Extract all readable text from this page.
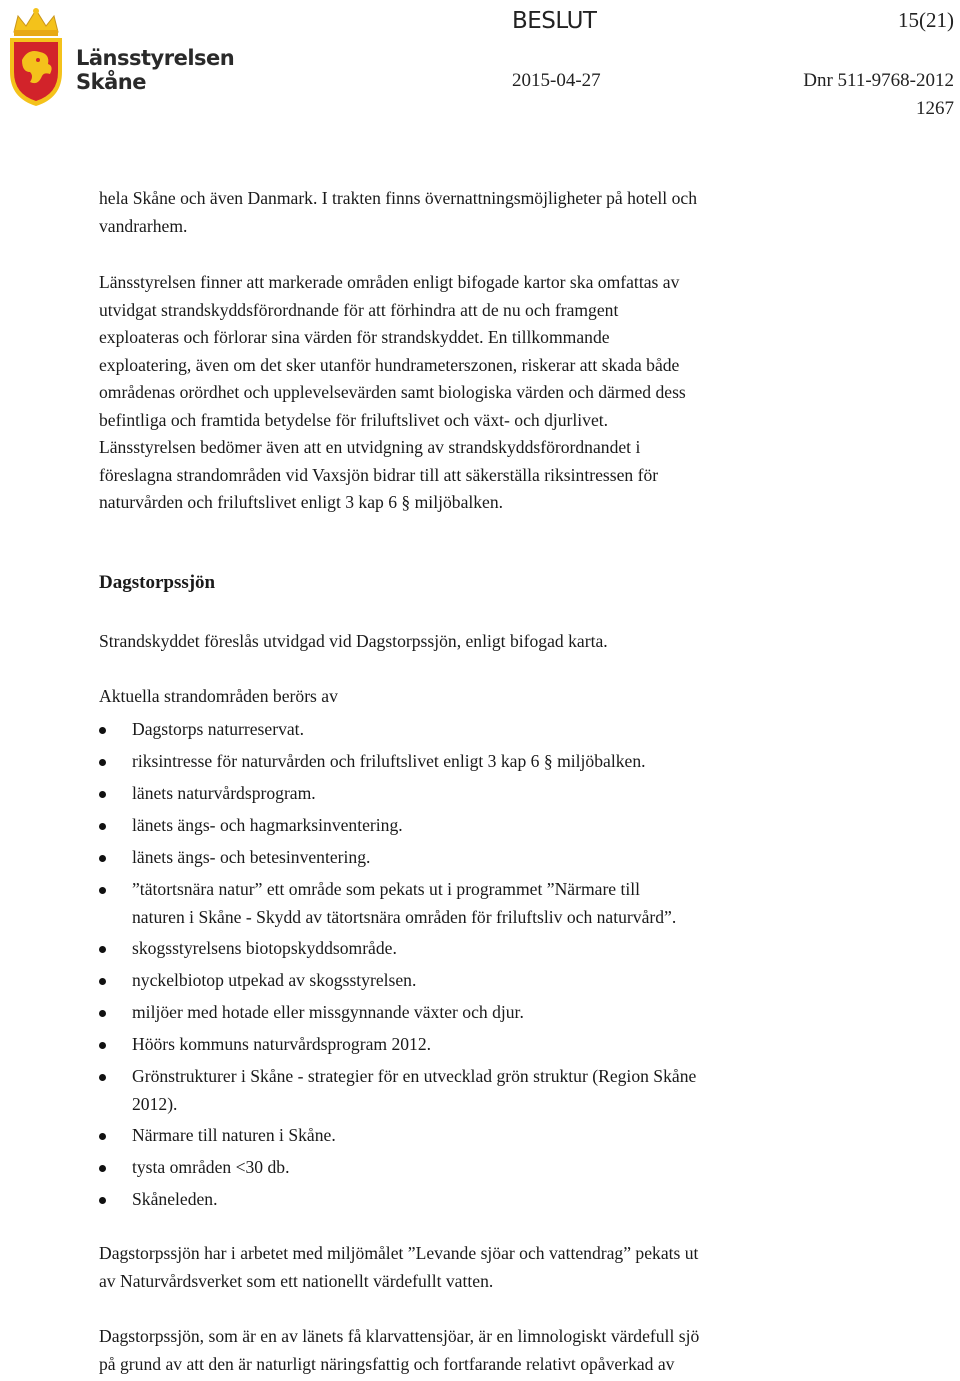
Länsstyrelsen
Skåne
BESLUT	15(21)
2015-04-27	Dnr 511-9768-2012
1267

hela Skåne och även Danmark. I trakten finns övernattningsmöjligheter på hotell och
vandrarhem.

Länsstyrelsen finner att markerade områden enligt bifogade kartor ska omfattas av
utvidgat strandskyddsförordnande för att förhindra att de nu och framgent
exploateras och förlorar sina värden för strandskyddet. En tillkommande
exploatering, även om det sker utanför hundrameterszonen, riskerar att skada både
områdenas orördhet och upplevelsevärden samt biologiska värden och därmed dess
befintliga och framtida betydelse för friluftslivet och växt- och djurlivet.
Länsstyrelsen bedömer även att en utvidgning av strandskyddsförordnandet i
föreslagna strandområden vid Vaxsjön bidrar till att säkerställa riksintressen för
naturvården och friluftslivet enligt 3 kap 6 § miljöbalken.

Dagstorpssjön

Strandskyddet föreslås utvidgad vid Dagstorpssjön, enligt bifogad karta.

Aktuella strandområden berörs av

Dagstorps naturreservat.
riksintresse för naturvården och friluftslivet enligt 3 kap 6 § miljöbalken.
länets naturvårdsprogram.
länets ängs- och hagmarksinventering.
länets ängs- och betesinventering.
”tätortsnära natur” ett område som pekats ut i programmet ”Närmare till
naturen i Skåne - Skydd av tätortsnära områden för friluftsliv och naturvård”.
skogsstyrelsens biotopskyddsområde.
nyckelbiotop utpekad av skogsstyrelsen.
miljöer med hotade eller missgynnande växter och djur.
Höörs kommuns naturvårdsprogram 2012.
Grönstrukturer i Skåne - strategier för en utvecklad grön struktur (Region Skåne
2012).
Närmare till naturen i Skåne.
tysta områden <30 db.
Skåneleden.

Dagstorpssjön har i arbetet med miljömålet ”Levande sjöar och vattendrag” pekats ut
av Naturvårdsverket som ett nationellt värdefullt vatten.

Dagstorpssjön, som är en av länets få klarvattensjöar, är en limnologiskt värdefull sjö
på grund av att den är naturligt näringsfattig och fortfarande relativt opåverkad av
